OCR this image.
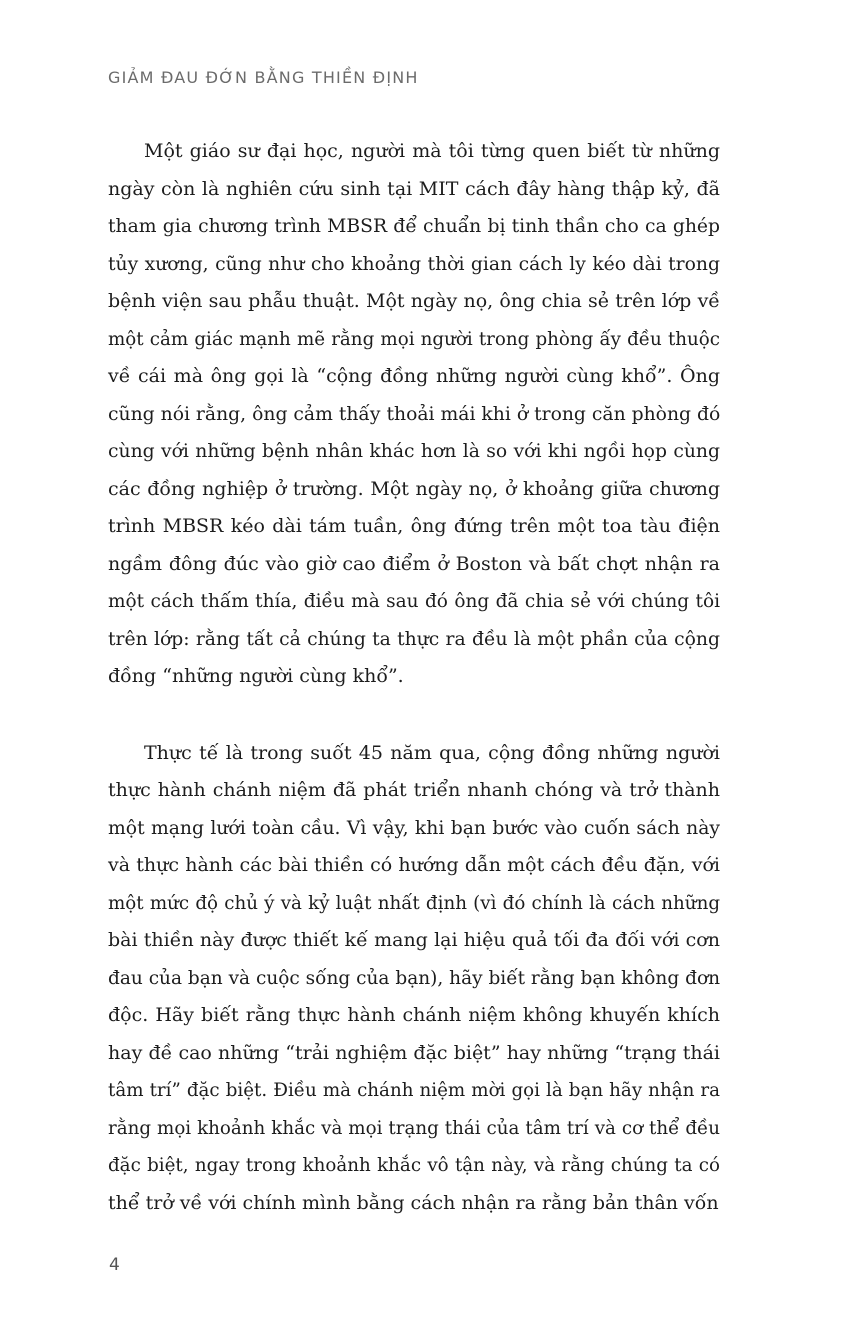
GIẢM ĐAU ĐỚN BẰNG THIỀN ĐỊNH

Một giáo sư đại học, người mà tôi từng quen biết từ những
ngày còn là nghiên cứu sinh tại MIT cách đây hàng thập kỷ, đã
tham gia chương trình MBSR để chuẩn bị tinh thần cho ca ghép
tủy xương, cũng như cho khoảng thời gian cách ly kéo dài trong
bệnh viện sau phẫu thuật. Một ngày nọ, ông chia sẻ trên lớp về
một cảm giác mạnh mẽ rằng mọi người trong phòng ấy đều thuộc
về cái mà ông gọi là “cộng đồng những người cùng khổ”. Ông
cũng nói rằng, ông cảm thấy thoải mái khi ở trong căn phòng đó
cùng với những bệnh nhân khác hơn là so với khi ngồi họp cùng
các đồng nghiệp ở trường. Một ngày nọ, ở khoảng giữa chương
trình MBSR kéo dài tám tuần, ông đứng trên một toa tàu điện
ngầm đông đúc vào giờ cao điểm ở Boston và bất chợt nhận ra
một cách thấm thía, điều mà sau đó ông đã chia sẻ với chúng tôi
trên lớp: rằng tất cả chúng ta thực ra đều là một phần của cộng
đồng “những người cùng khổ”.

Thực tế là trong suốt 45 năm qua, cộng đồng những người
thực hành chánh niệm đã phát triển nhanh chóng và trở thành
một mạng lưới toàn cầu. Vì vậy, khi bạn bước vào cuốn sách này
và thực hành các bài thiền có hướng dẫn một cách đều đặn, với
một mức độ chủ ý và kỷ luật nhất định (vì đó chính là cách những
bài thiền này được thiết kế mang lại hiệu quả tối đa đối với cơn
đau của bạn và cuộc sống của bạn), hãy biết rằng bạn không đơn
độc. Hãy biết rằng thực hành chánh niệm không khuyến khích
hay đề cao những “trải nghiệm đặc biệt” hay những “trạng thái
tâm trí” đặc biệt. Điều mà chánh niệm mời gọi là bạn hãy nhận ra
rằng mọi khoảnh khắc và mọi trạng thái của tâm trí và cơ thể đều
đặc biệt, ngay trong khoảnh khắc vô tận này, và rằng chúng ta có
thể trở về với chính mình bằng cách nhận ra rằng bản thân vốn

4
